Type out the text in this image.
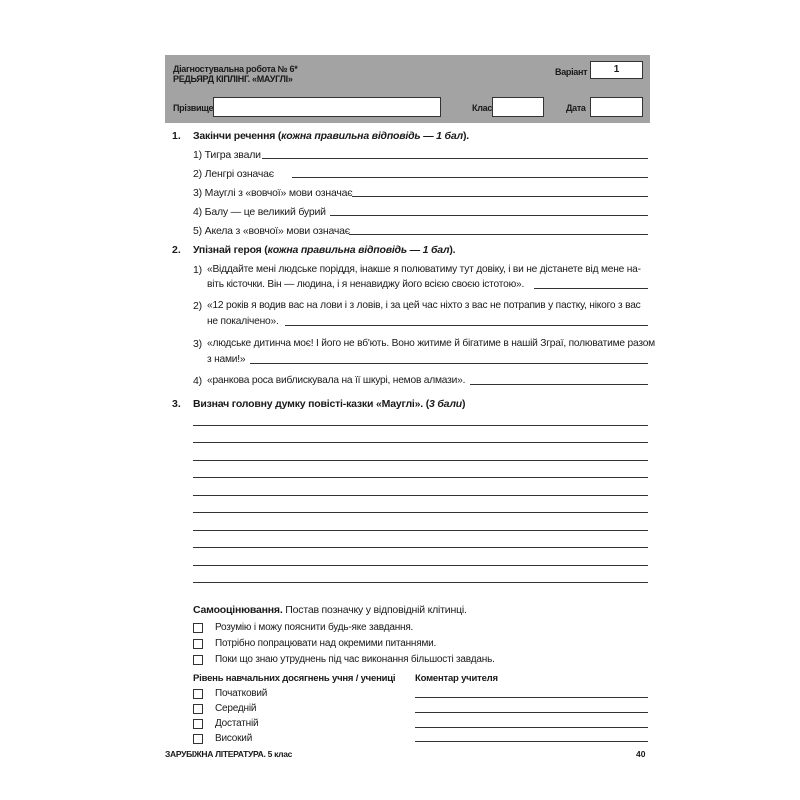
Діагностувальна робота № 6*
РЕДЬЯРД КІПЛІНГ. «МАУГЛІ»
Варіант	1
Прізвище	Клас	Дата
1. Закінчи речення (кожна правильна відповідь — 1 бал).
1) Тигра звали
2) Ленгрі означає
3) Мауглі з «вовчої» мови означає
4) Балу — це великий бурий
5) Акела з «вовчої» мови означає
2. Упізнай героя (кожна правильна відповідь — 1 бал).
1) «Віддайте мені людське поріддя, інакше я полюватиму тут довіку, і ви не дістанете від мене на-
віть кісточки. Він — людина, і я ненавиджу його всією своєю істотою».
2) «12 років я водив вас на лови і з ловів, і за цей час ніхто з вас не потрапив у пастку, нікого з вас
не покалічено».
3) «людське дитинча моє! І його не вб'ють. Воно житиме й бігатиме в нашій Зграї, полюватиме разом
з нами!»
4) «ранкова роса виблискувала на її шкурі, немов алмази».
3. Визнач головну думку повісті-казки «Мауглі». (3 бали)
Самооцінювання. Постав позначку у відповідній клітинці.
Розумію і можу пояснити будь-яке завдання.
Потрібно попрацювати над окремими питаннями.
Поки що знаю утруднень під час виконання більшості завдань.
Рівень навчальних досягнень учня / учениці
Початковий
Середній
Достатній
Високий
Коментар учителя
ЗАРУБІЖНА ЛІТЕРАТУРА. 5 клас	40
